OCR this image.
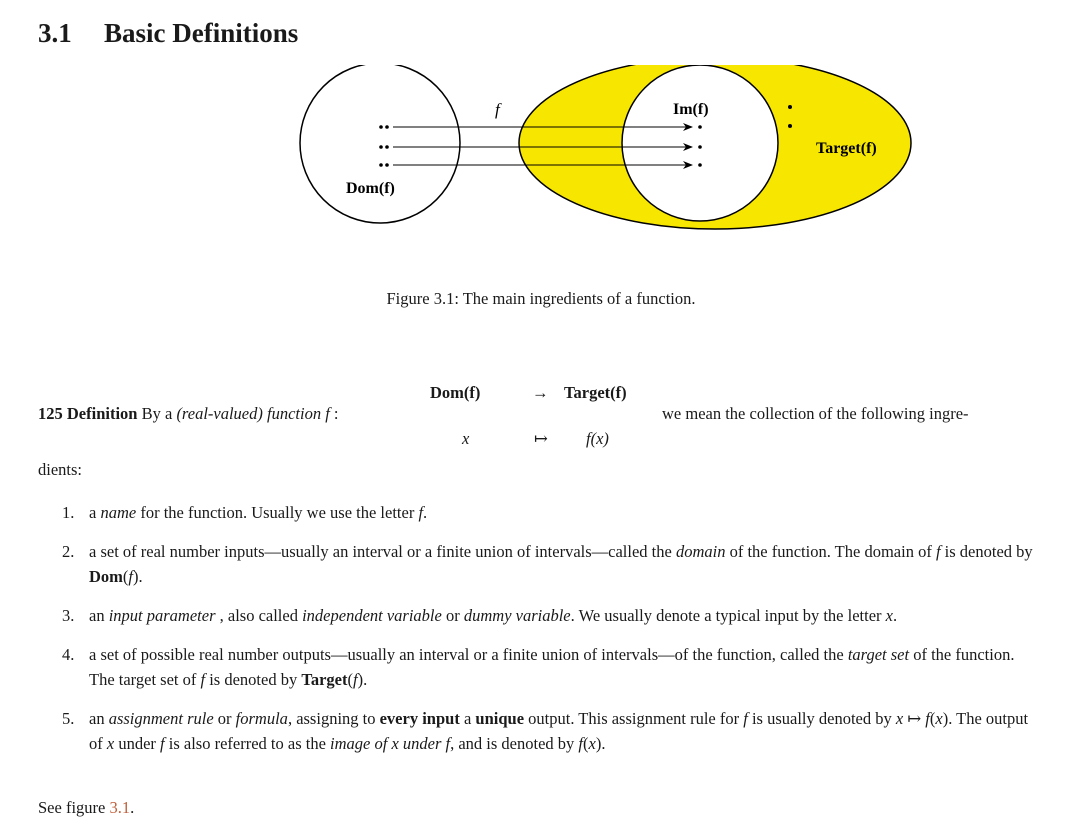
3.1 Basic Definitions
f	Im(f)
Target(f)
Dom(f)
Figure 3.1: The main ingredients of a function.
125 Definition By a (real-valued) function f :
Dom(f)	→ Target(f)
x	↦ f(x)
we mean the collection of the following ingre-
dients:
1. a name for the function. Usually we use the letter f.
2. a set of real number inputs—usually an interval or a finite union of intervals—called the domain of the function. The domain of f is denoted by Dom(f).
3. an input parameter , also called independent variable or dummy variable. We usually denote a typical input by the letter x.
4. a set of possible real number outputs—usually an interval or a finite union of intervals—of the function, called the target set of the function. The target set of f is denoted by Target(f).
5. an assignment rule or formula, assigning to every input a unique output. This assignment rule for f is usually denoted by x ↦ f(x). The output of x under f is also referred to as the image of x under f, and is denoted by f(x).
See figure 3.1.
